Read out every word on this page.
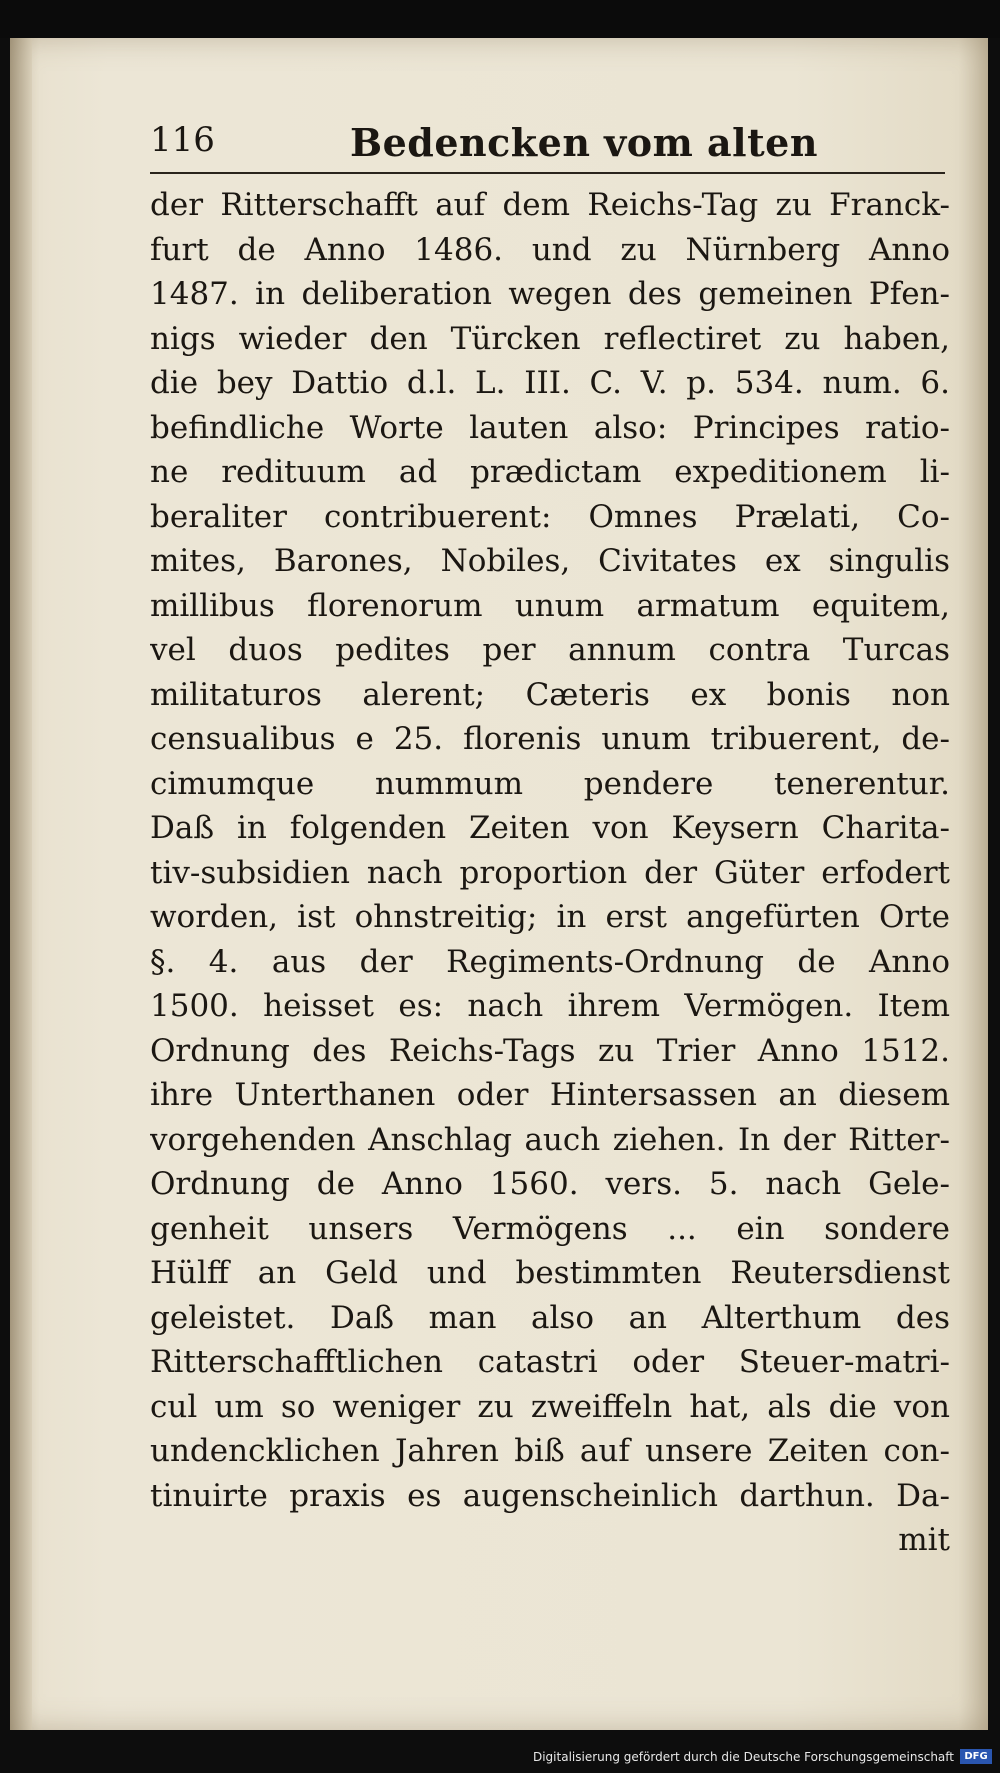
116	Bedencken vom alten
der Ritterschafft auf dem Reichs-Tag zu Franck-
furt de Anno 1486. und zu Nürnberg Anno
1487. in deliberation wegen des gemeinen Pfen-
nigs wieder den Türcken reflectiret zu haben,
die bey Dattio d.l. L. III. C. V. p. 534. num. 6.
befindliche Worte lauten also: Principes ratio-
ne redituum ad prædictam expeditionem li-
beraliter contribuerent: Omnes Prælati, Co-
mites, Barones, Nobiles, Civitates ex singulis
millibus florenorum unum armatum equitem,
vel duos pedites per annum contra Turcas
militaturos alerent; Cæteris ex bonis non
censualibus e 25. florenis unum tribuerent, de-
cimumque nummum pendere tenerentur.
Daß in folgenden Zeiten von Keysern Charita-
tiv-subsidien nach proportion der Güter erfodert
worden, ist ohnstreitig; in erst angefürten Orte
§. 4. aus der Regiments-Ordnung de Anno
1500. heisset es: nach ihrem Vermögen. Item
Ordnung des Reichs-Tags zu Trier Anno 1512.
ihre Unterthanen oder Hintersassen an diesem
vorgehenden Anschlag auch ziehen. In der Ritter-
Ordnung de Anno 1560. vers. 5. nach Gele-
genheit unsers Vermögens ... ein sondere
Hülff an Geld und bestimmten Reutersdienst
geleistet. Daß man also an Alterthum des
Ritterschafftlichen catastri oder Steuer-matri-
cul um so weniger zu zweiffeln hat, als die von
undencklichen Jahren biß auf unsere Zeiten con-
tinuirte praxis es augenscheinlich darthun. Da-
mit
Digitalisierung gefördert durch die Deutsche Forschungsgemeinschaft	DFG
